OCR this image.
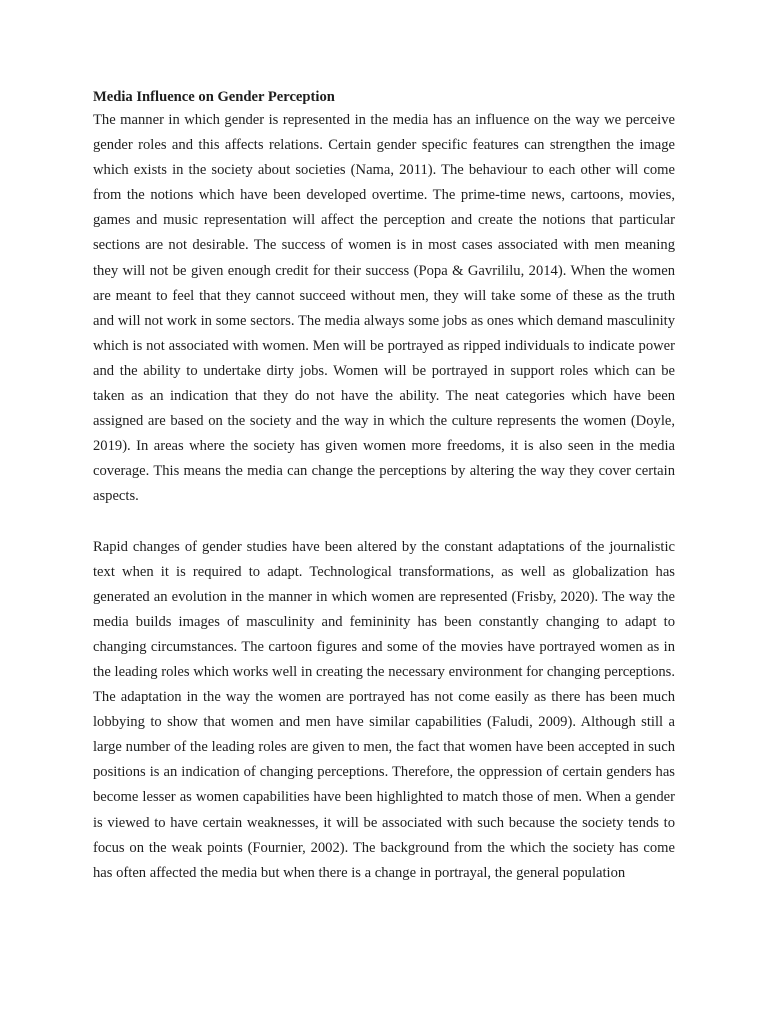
Media Influence on Gender Perception

The manner in which gender is represented in the media has an influence on the way we perceive gender roles and this affects relations. Certain gender specific features can strengthen the image which exists in the society about societies (Nama, 2011). The behaviour to each other will come from the notions which have been developed overtime. The prime-time news, cartoons, movies, games and music representation will affect the perception and create the notions that particular sections are not desirable. The success of women is in most cases associated with men meaning they will not be given enough credit for their success (Popa & Gavrililu, 2014). When the women are meant to feel that they cannot succeed without men, they will take some of these as the truth and will not work in some sectors. The media always some jobs as ones which demand masculinity which is not associated with women. Men will be portrayed as ripped individuals to indicate power and the ability to undertake dirty jobs. Women will be portrayed in support roles which can be taken as an indication that they do not have the ability. The neat categories which have been assigned are based on the society and the way in which the culture represents the women (Doyle, 2019). In areas where the society has given women more freedoms, it is also seen in the media coverage. This means the media can change the perceptions by altering the way they cover certain aspects.

Rapid changes of gender studies have been altered by the constant adaptations of the journalistic text when it is required to adapt. Technological transformations, as well as globalization has generated an evolution in the manner in which women are represented (Frisby, 2020). The way the media builds images of masculinity and femininity has been constantly changing to adapt to changing circumstances. The cartoon figures and some of the movies have portrayed women as in the leading roles which works well in creating the necessary environment for changing perceptions. The adaptation in the way the women are portrayed has not come easily as there has been much lobbying to show that women and men have similar capabilities (Faludi, 2009). Although still a large number of the leading roles are given to men, the fact that women have been accepted in such positions is an indication of changing perceptions. Therefore, the oppression of certain genders has become lesser as women capabilities have been highlighted to match those of men. When a gender is viewed to have certain weaknesses, it will be associated with such because the society tends to focus on the weak points (Fournier, 2002). The background from the which the society has come has often affected the media but when there is a change in portrayal, the general population
